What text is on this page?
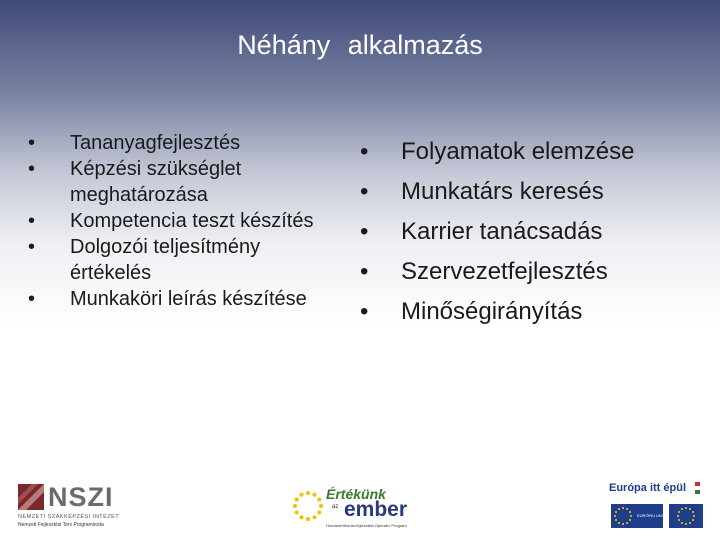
Néhány alkalmazás
• Tananyagfejlesztés
• Képzési szükséglet meghatározása
• Kompetencia teszt készítés
• Dolgozói teljesítmény értékelés
• Munkaköri leírás készítése
• Folyamatok elemzése
• Munkatárs keresés
• Karrier tanácsadás
• Szervezetfejlesztés
• Minőségirányítás
NSZI
NEMZETI SZAKKÉPZÉSI INTÉZET
Nemzeti Fejlesztési Terv Programiroda
Értékünk
az ember
Humánerőforrás-fejlesztési Operatív Program
Európa itt épül
EURÓPAI UNIÓ
